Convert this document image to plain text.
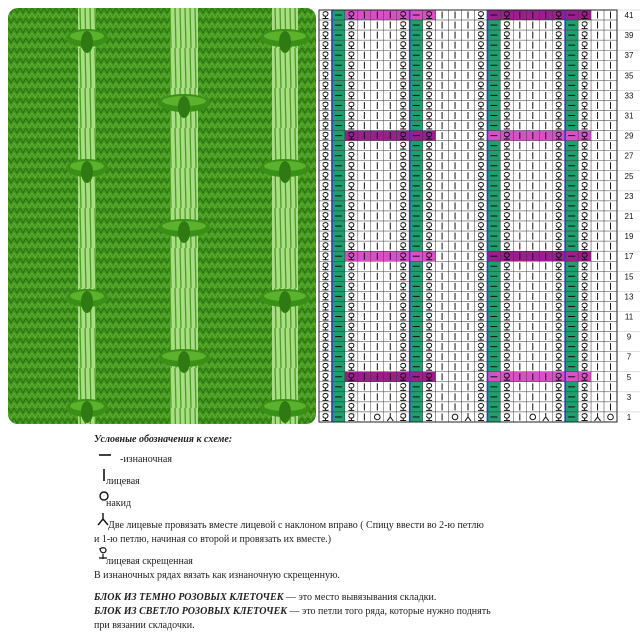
41
39
37
35
33
31
29
27
25
23
21
19
17
15
13
11
9
7
5
3
1
Условные обозначения к схеме:
-изнаночная
лицевая
накид
Две лицевые провязать вместе лицевой с наклоном вправо ( Спицу ввести во 2-ю петлю
и 1-ю петлю, начиная со второй и провязать их вместе.)
лицевая скрещенная
В изнаночных рядах вязать как изнаночную скрещенную.
БЛОК ИЗ ТЕМНО РОЗОВЫХ КЛЕТОЧЕК — это место вывязывания складки.
БЛОК ИЗ СВЕТЛО РОЗОВЫХ КЛЕТОЧЕК — это петли того ряда, которые нужно поднять
при вязании складочки.
